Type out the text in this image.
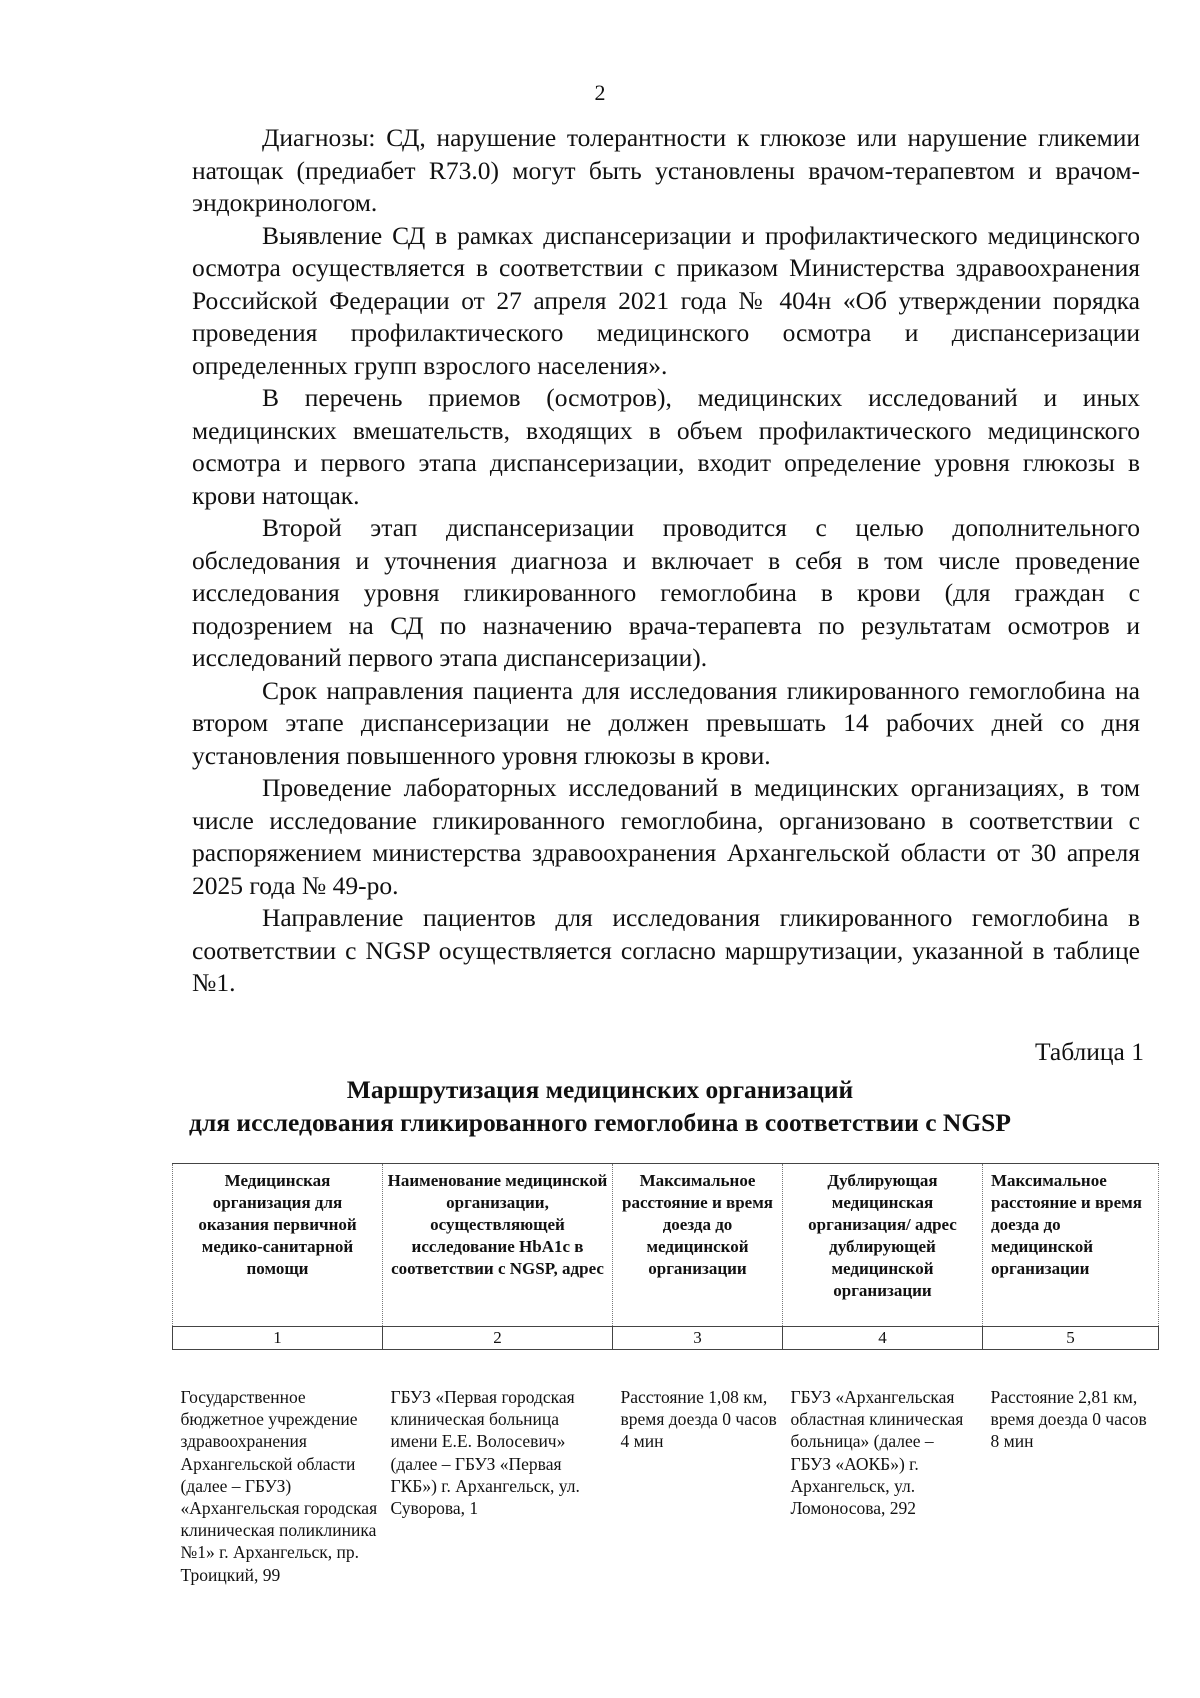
2

Диагнозы: СД, нарушение толерантности к глюкозе или нарушение гликемии натощак (предиабет R73.0) могут быть установлены врачом-терапевтом и врачом-эндокринологом.

Выявление СД в рамках диспансеризации и профилактического медицинского осмотра осуществляется в соответствии с приказом Министерства здравоохранения Российской Федерации от 27 апреля 2021 года № 404н «Об утверждении порядка проведения профилактического медицинского осмотра и диспансеризации определенных групп взрослого населения».

В перечень приемов (осмотров), медицинских исследований и иных медицинских вмешательств, входящих в объем профилактического медицинского осмотра и первого этапа диспансеризации, входит определение уровня глюкозы в крови натощак.

Второй этап диспансеризации проводится с целью дополнительного обследования и уточнения диагноза и включает в себя в том числе проведение исследования уровня гликированного гемоглобина в крови (для граждан с подозрением на СД по назначению врача-терапевта по результатам осмотров и исследований первого этапа диспансеризации).

Срок направления пациента для исследования гликированного гемоглобина на втором этапе диспансеризации не должен превышать 14 рабочих дней со дня установления повышенного уровня глюкозы в крови.

Проведение лабораторных исследований в медицинских организациях, в том числе исследование гликированного гемоглобина, организовано в соответствии с распоряжением министерства здравоохранения Архангельской области от 30 апреля 2025 года № 49-ро.

Направление пациентов для исследования гликированного гемоглобина в соответствии с NGSP осуществляется согласно маршрутизации, указанной в таблице №1.

Таблица 1
Маршрутизация медицинских организаций
для исследования гликированного гемоглобина в соответствии с NGSP
Медицинская организация для оказания первичной медико-санитарной помощи	Наименование медицинской организации, осуществляющей исследование HbA1c в соответствии с NGSP, адрес	Максимальное расстояние и время доезда до медицинской организации	Дублирующая медицинская организация/ адрес дублирующей медицинской организации	Максимальное расстояние и время доезда до медицинской организации
1	2	3	4	5
Государственное бюджетное учреждение здравоохранения Архангельской области (далее – ГБУЗ) «Архангельская городская клиническая поликлиника №1» г. Архангельск, пр. Троицкий, 99	ГБУЗ «Первая городская клиническая больница имени Е.Е. Волосевич» (далее – ГБУЗ «Первая ГКБ») г. Архангельск, ул. Суворова, 1	Расстояние 1,08 км, время доезда 0 часов 4 мин	ГБУЗ «Архангельская областная клиническая больница» (далее – ГБУЗ «АОКБ») г. Архангельск, ул. Ломоносова, 292	Расстояние 2,81 км, время доезда 0 часов 8 мин
